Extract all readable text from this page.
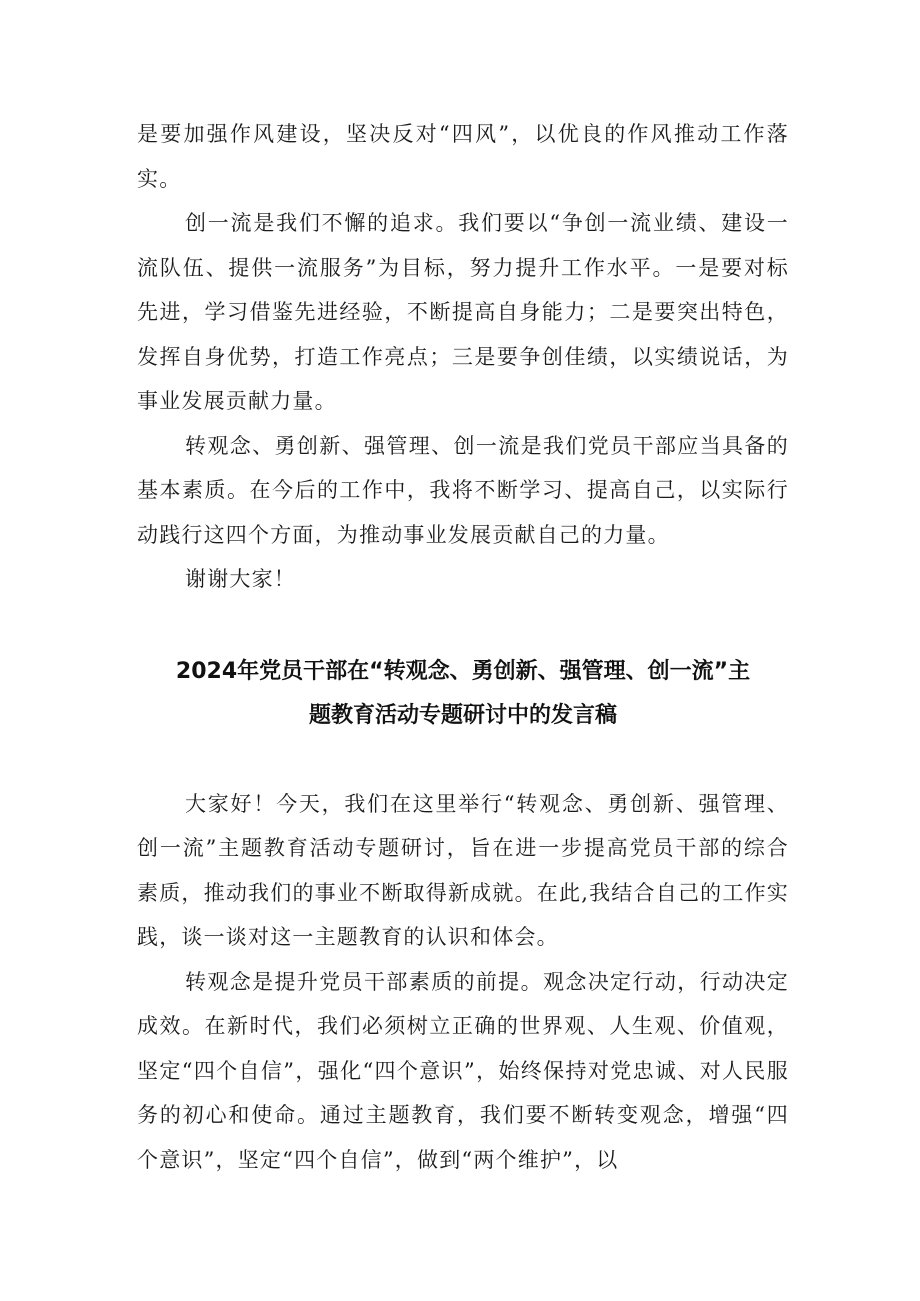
是要加强作风建设，坚决反对“四风”，以优良的作风推动工作落实。

创一流是我们不懈的追求。我们要以“争创一流业绩、建设一流队伍、提供一流服务”为目标，努力提升工作水平。一是要对标先进，学习借鉴先进经验，不断提高自身能力；二是要突出特色，发挥自身优势，打造工作亮点；三是要争创佳绩，以实绩说话，为事业发展贡献力量。

转观念、勇创新、强管理、创一流是我们党员干部应当具备的基本素质。在今后的工作中，我将不断学习、提高自己，以实际行动践行这四个方面，为推动事业发展贡献自己的力量。

谢谢大家！

2024年党员干部在“转观念、勇创新、强管理、创一流”主
题教育活动专题研讨中的发言稿

大家好！今天，我们在这里举行“转观念、勇创新、强管理、创一流”主题教育活动专题研讨，旨在进一步提高党员干部的综合素质，推动我们的事业不断取得新成就。在此,我结合自己的工作实践，谈一谈对这一主题教育的认识和体会。

转观念是提升党员干部素质的前提。观念决定行动，行动决定成效。在新时代，我们必须树立正确的世界观、人生观、价值观，坚定“四个自信”，强化“四个意识”，始终保持对党忠诚、对人民服务的初心和使命。通过主题教育，我们要不断转变观念，增强“四个意识”，坚定“四个自信”，做到“两个维护”，以
